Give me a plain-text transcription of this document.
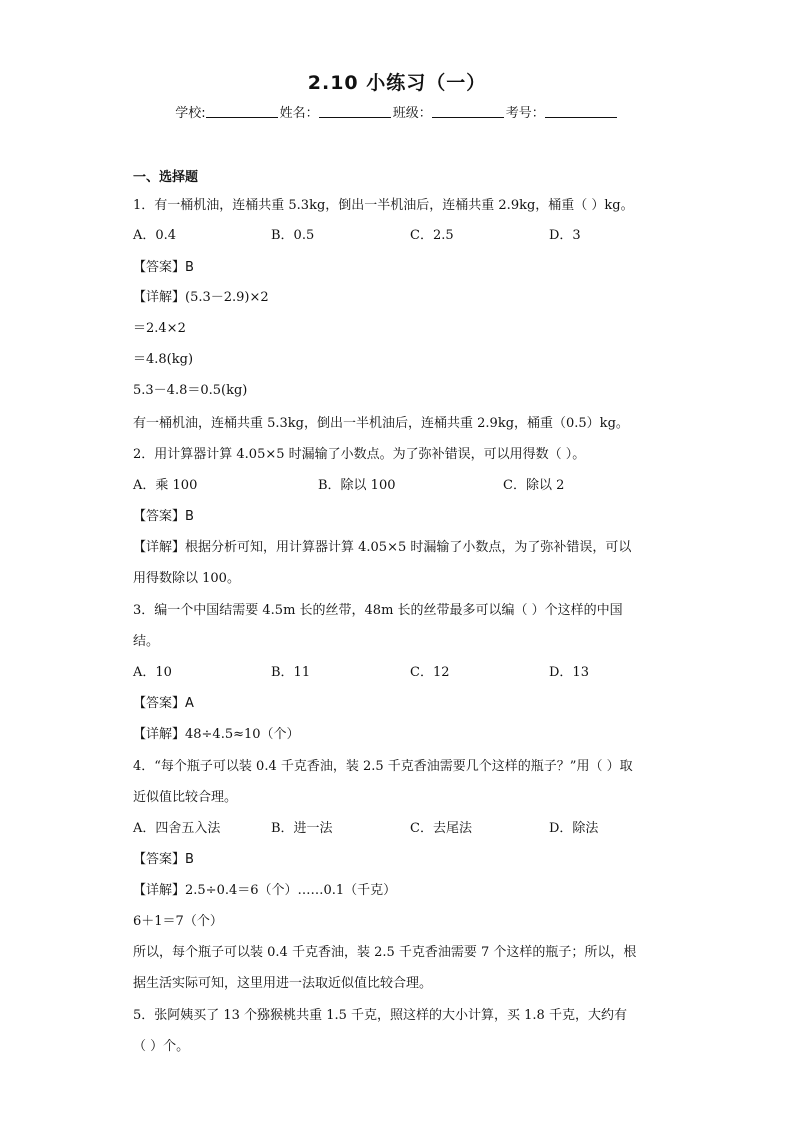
2.10 小练习（一）
学校:	姓名：	班级：	考号：
一、选择题
1．有一桶机油，连桶共重 5.3kg，倒出一半机油后，连桶共重 2.9kg，桶重（ ）kg。
A．0.4	B．0.5	C．2.5	D．3
【答案】B
【详解】(5.3－2.9)×2
＝2.4×2
＝4.8(kg)
5.3－4.8＝0.5(kg)
有一桶机油，连桶共重 5.3kg，倒出一半机油后，连桶共重 2.9kg，桶重（0.5）kg。
2．用计算器计算 4.05×5 时漏输了小数点。为了弥补错误，可以用得数（ ）。
A．乘 100	B．除以 100	C．除以 2
【答案】B
【详解】根据分析可知，用计算器计算 4.05×5 时漏输了小数点，为了弥补错误，可以
用得数除以 100。
3．编一个中国结需要 4.5m 长的丝带，48m 长的丝带最多可以编（ ）个这样的中国
结。
A．10	B．11	C．12	D．13
【答案】A
【详解】48÷4.5≈10（个）
4．“每个瓶子可以装 0.4 千克香油，装 2.5 千克香油需要几个这样的瓶子？”用（ ）取
近似值比较合理。
A．四舍五入法	B．进一法	C．去尾法	D．除法
【答案】B
【详解】2.5÷0.4＝6（个）……0.1（千克）
6＋1＝7（个）
所以，每个瓶子可以装 0.4 千克香油，装 2.5 千克香油需要 7 个这样的瓶子；所以，根
据生活实际可知，这里用进一法取近似值比较合理。
5．张阿姨买了 13 个猕猴桃共重 1.5 千克，照这样的大小计算，买 1.8 千克，大约有
（ ）个。
